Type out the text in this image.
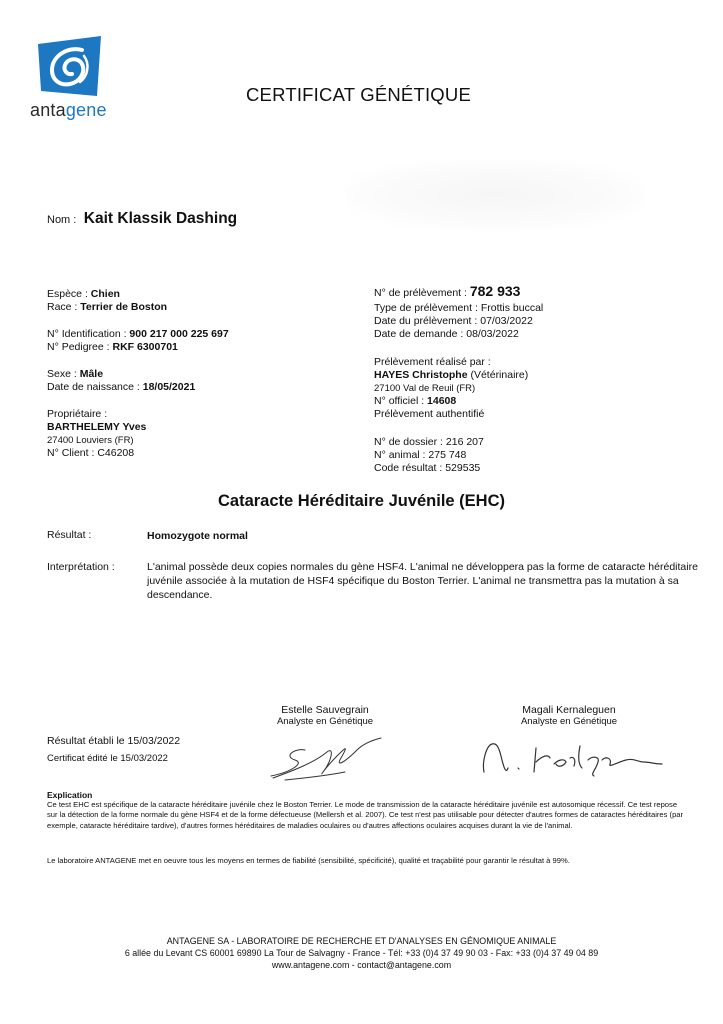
antagene
CERTIFICAT GÉNÉTIQUE
Nom : Kait Klassik Dashing
Espèce : Chien
Race : Terrier de Boston
N° Identification : 900 217 000 225 697
N° Pedigree : RKF 6300701
Sexe : Mâle
Date de naissance : 18/05/2021
Propriétaire :
BARTHELEMY Yves
27400 Louviers (FR)
N° Client : C46208
N° de prélèvement : 782 933
Type de prélèvement : Frottis buccal
Date du prélèvement : 07/03/2022
Date de demande : 08/03/2022
Prélèvement réalisé par :
HAYES Christophe (Vétérinaire)
27100 Val de Reuil (FR)
N° officiel : 14608
Prélèvement authentifié
N° de dossier : 216 207
N° animal : 275 748
Code résultat : 529535
Cataracte Héréditaire Juvénile (EHC)
Résultat :	Homozygote normal
Interprétation :	L'animal possède deux copies normales du gène HSF4. L'animal ne développera pas la forme de cataracte héréditaire juvénile associée à la mutation de HSF4 spécifique du Boston Terrier. L'animal ne transmettra pas la mutation à sa descendance.
Estelle Sauvegrain
Analyste en Génétique
Magali Kernaleguen
Analyste en Génétique
Résultat établi le 15/03/2022
Certificat édité le 15/03/2022
Explication
Ce test EHC est spécifique de la cataracte héréditaire juvénile chez le Boston Terrier. Le mode de transmission de la cataracte héréditaire juvénile est autosomique récessif. Ce test repose sur la détection de la forme normale du gène HSF4 et de la forme défectueuse (Mellersh et al. 2007). Ce test n'est pas utilisable pour détecter d'autres formes de cataractes héréditaires (par exemple, cataracte héréditaire tardive), d'autres formes héréditaires de maladies oculaires ou d'autres affections oculaires acquises durant la vie de l'animal.
Le laboratoire ANTAGENE met en oeuvre tous les moyens en termes de fiabilité (sensibilité, spécificité), qualité et traçabilité pour garantir le résultat à 99%.
ANTAGENE SA - LABORATOIRE DE RECHERCHE ET D'ANALYSES EN GÉNOMIQUE ANIMALE
6 allée du Levant CS 60001 69890 La Tour de Salvagny - France - Tél: +33 (0)4 37 49 90 03 - Fax: +33 (0)4 37 49 04 89
www.antagene.com - contact@antagene.com
